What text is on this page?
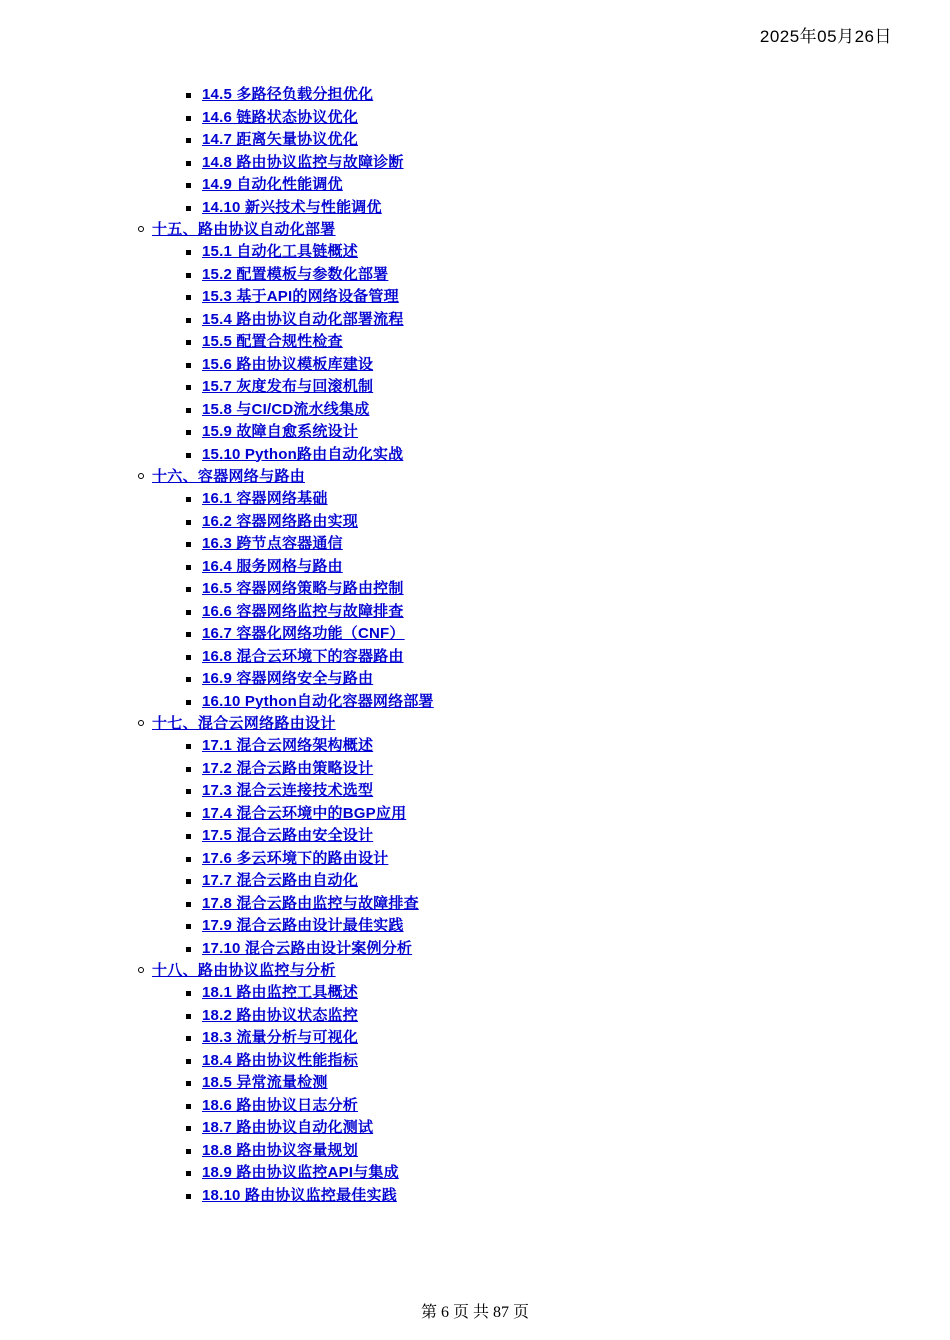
2025年05月26日
14.5 多路径负载分担优化
14.6 链路状态协议优化
14.7 距离矢量协议优化
14.8 路由协议监控与故障诊断
14.9 自动化性能调优
14.10 新兴技术与性能调优
十五、路由协议自动化部署
15.1 自动化工具链概述
15.2 配置模板与参数化部署
15.3 基于API的网络设备管理
15.4 路由协议自动化部署流程
15.5 配置合规性检查
15.6 路由协议模板库建设
15.7 灰度发布与回滚机制
15.8 与CI/CD流水线集成
15.9 故障自愈系统设计
15.10 Python路由自动化实战
十六、容器网络与路由
16.1 容器网络基础
16.2 容器网络路由实现
16.3 跨节点容器通信
16.4 服务网格与路由
16.5 容器网络策略与路由控制
16.6 容器网络监控与故障排查
16.7 容器化网络功能（CNF）
16.8 混合云环境下的容器路由
16.9 容器网络安全与路由
16.10 Python自动化容器网络部署
十七、混合云网络路由设计
17.1 混合云网络架构概述
17.2 混合云路由策略设计
17.3 混合云连接技术选型
17.4 混合云环境中的BGP应用
17.5 混合云路由安全设计
17.6 多云环境下的路由设计
17.7 混合云路由自动化
17.8 混合云路由监控与故障排查
17.9 混合云路由设计最佳实践
17.10 混合云路由设计案例分析
十八、路由协议监控与分析
18.1 路由监控工具概述
18.2 路由协议状态监控
18.3 流量分析与可视化
18.4 路由协议性能指标
18.5 异常流量检测
18.6 路由协议日志分析
18.7 路由协议自动化测试
18.8 路由协议容量规划
18.9 路由协议监控API与集成
18.10 路由协议监控最佳实践
第 6 页 共 87 页
